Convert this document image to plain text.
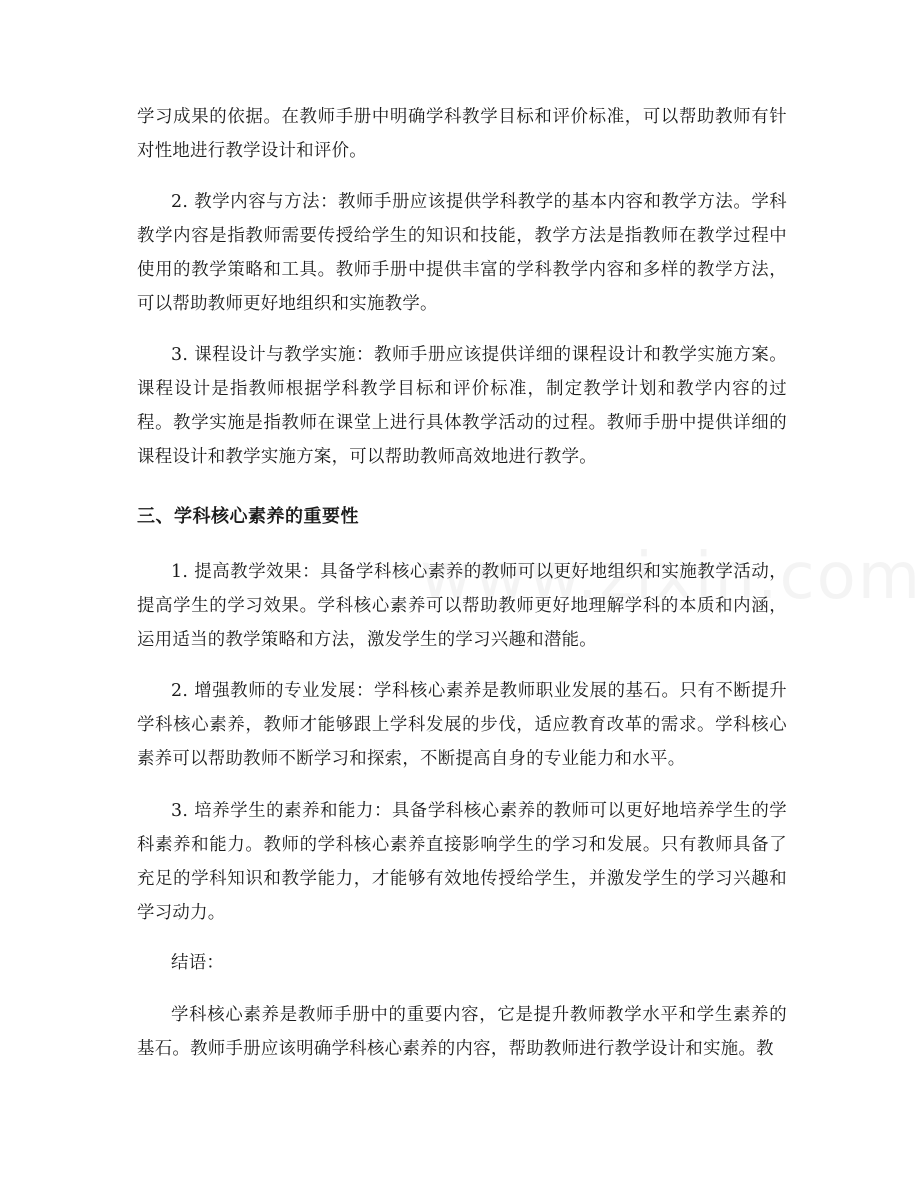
学习成果的依据。在教师手册中明确学科教学目标和评价标准，可以帮助教师有针对性地进行教学设计和评价。

2. 教学内容与方法：教师手册应该提供学科教学的基本内容和教学方法。学科教学内容是指教师需要传授给学生的知识和技能，教学方法是指教师在教学过程中使用的教学策略和工具。教师手册中提供丰富的学科教学内容和多样的教学方法，可以帮助教师更好地组织和实施教学。

3. 课程设计与教学实施：教师手册应该提供详细的课程设计和教学实施方案。课程设计是指教师根据学科教学目标和评价标准，制定教学计划和教学内容的过程。教学实施是指教师在课堂上进行具体教学活动的过程。教师手册中提供详细的课程设计和教学实施方案，可以帮助教师高效地进行教学。

三、学科核心素养的重要性

1. 提高教学效果：具备学科核心素养的教师可以更好地组织和实施教学活动，提高学生的学习效果。学科核心素养可以帮助教师更好地理解学科的本质和内涵，运用适当的教学策略和方法，激发学生的学习兴趣和潜能。

2. 增强教师的专业发展：学科核心素养是教师职业发展的基石。只有不断提升学科核心素养，教师才能够跟上学科发展的步伐，适应教育改革的需求。学科核心素养可以帮助教师不断学习和探索，不断提高自身的专业能力和水平。

3. 培养学生的素养和能力：具备学科核心素养的教师可以更好地培养学生的学科素养和能力。教师的学科核心素养直接影响学生的学习和发展。只有教师具备了充足的学科知识和教学能力，才能够有效地传授给学生，并激发学生的学习兴趣和学习动力。

结语：

学科核心素养是教师手册中的重要内容，它是提升教师教学水平和学生素养的基石。教师手册应该明确学科核心素养的内容，帮助教师进行教学设计和实施。教
